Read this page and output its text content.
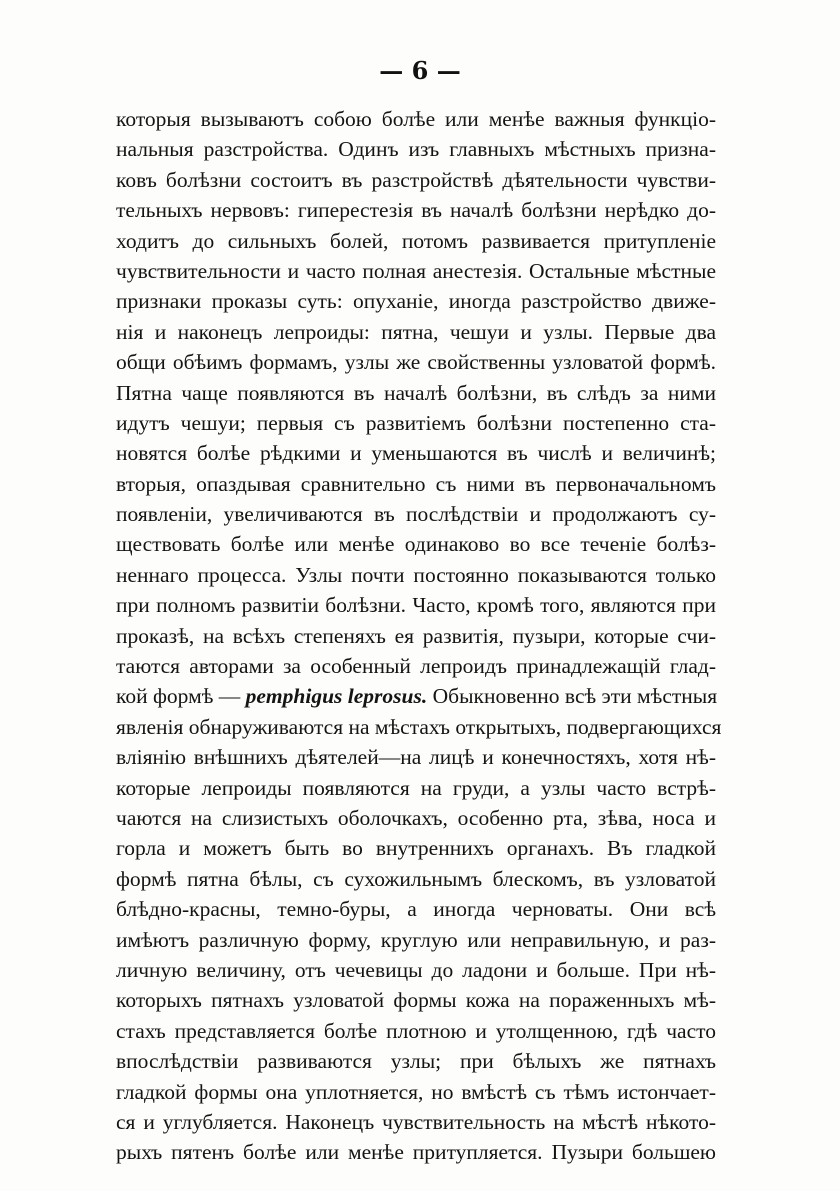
— 6 —
которыя вызываютъ собою болѣе или менѣе важныя функціо-
нальныя разстройства. Одинъ изъ главныхъ мѣстныхъ призна-
ковъ болѣзни состоитъ въ разстройствѣ дѣятельности чувстви-
тельныхъ нервовъ: гиперестезія въ началѣ болѣзни нерѣдко до-
ходитъ до сильныхъ болей, потомъ развивается притупленіе
чувствительности и часто полная анестезія. Остальные мѣстные
признаки проказы суть: опуханіе, иногда разстройство движе-
нія и наконецъ лепроиды: пятна, чешуи и узлы. Первые два
общи обѣимъ формамъ, узлы же свойственны узловатой формѣ.
Пятна чаще появляются въ началѣ болѣзни, въ слѣдъ за ними
идутъ чешуи; первыя съ развитіемъ болѣзни постепенно ста-
новятся болѣе рѣдкими и уменьшаются въ числѣ и величинѣ;
вторыя, опаздывая сравнительно съ ними въ первоначальномъ
появленіи, увеличиваются въ послѣдствіи и продолжаютъ су-
ществовать болѣе или менѣе одинаково во все теченіе болѣз-
неннаго процесса. Узлы почти постоянно показываются только
при полномъ развитіи болѣзни. Часто, кромѣ того, являются при
проказѣ, на всѣхъ степеняхъ ея развитія, пузыри, которые счи-
таются авторами за особенный лепроидъ принадлежащій глад-
кой формѣ — pemphigus leprosus. Обыкновенно всѣ эти мѣстныя
явленія обнаруживаются на мѣстахъ открытыхъ, подвергающихся
вліянію внѣшнихъ дѣятелей—на лицѣ и конечностяхъ, хотя нѣ-
которые лепроиды появляются на груди, а узлы часто встрѣ-
чаются на слизистыхъ оболочкахъ, особенно рта, зѣва, носа и
горла и можетъ быть во внутреннихъ органахъ. Въ гладкой
формѣ пятна бѣлы, съ сухожильнымъ блескомъ, въ узловатой
блѣдно-красны, темно-буры, а иногда черноваты. Они всѣ
имѣютъ различную форму, круглую или неправильную, и раз-
личную величину, отъ чечевицы до ладони и больше. При нѣ-
которыхъ пятнахъ узловатой формы кожа на пораженныхъ мѣ-
стахъ представляется болѣе плотною и утолщенною, гдѣ часто
впослѣдствіи развиваются узлы; при бѣлыхъ же пятнахъ
гладкой формы она уплотняется, но вмѣстѣ съ тѣмъ истончает-
ся и углубляется. Наконецъ чувствительность на мѣстѣ нѣкото-
рыхъ пятенъ болѣе или менѣе притупляется. Пузыри большею
